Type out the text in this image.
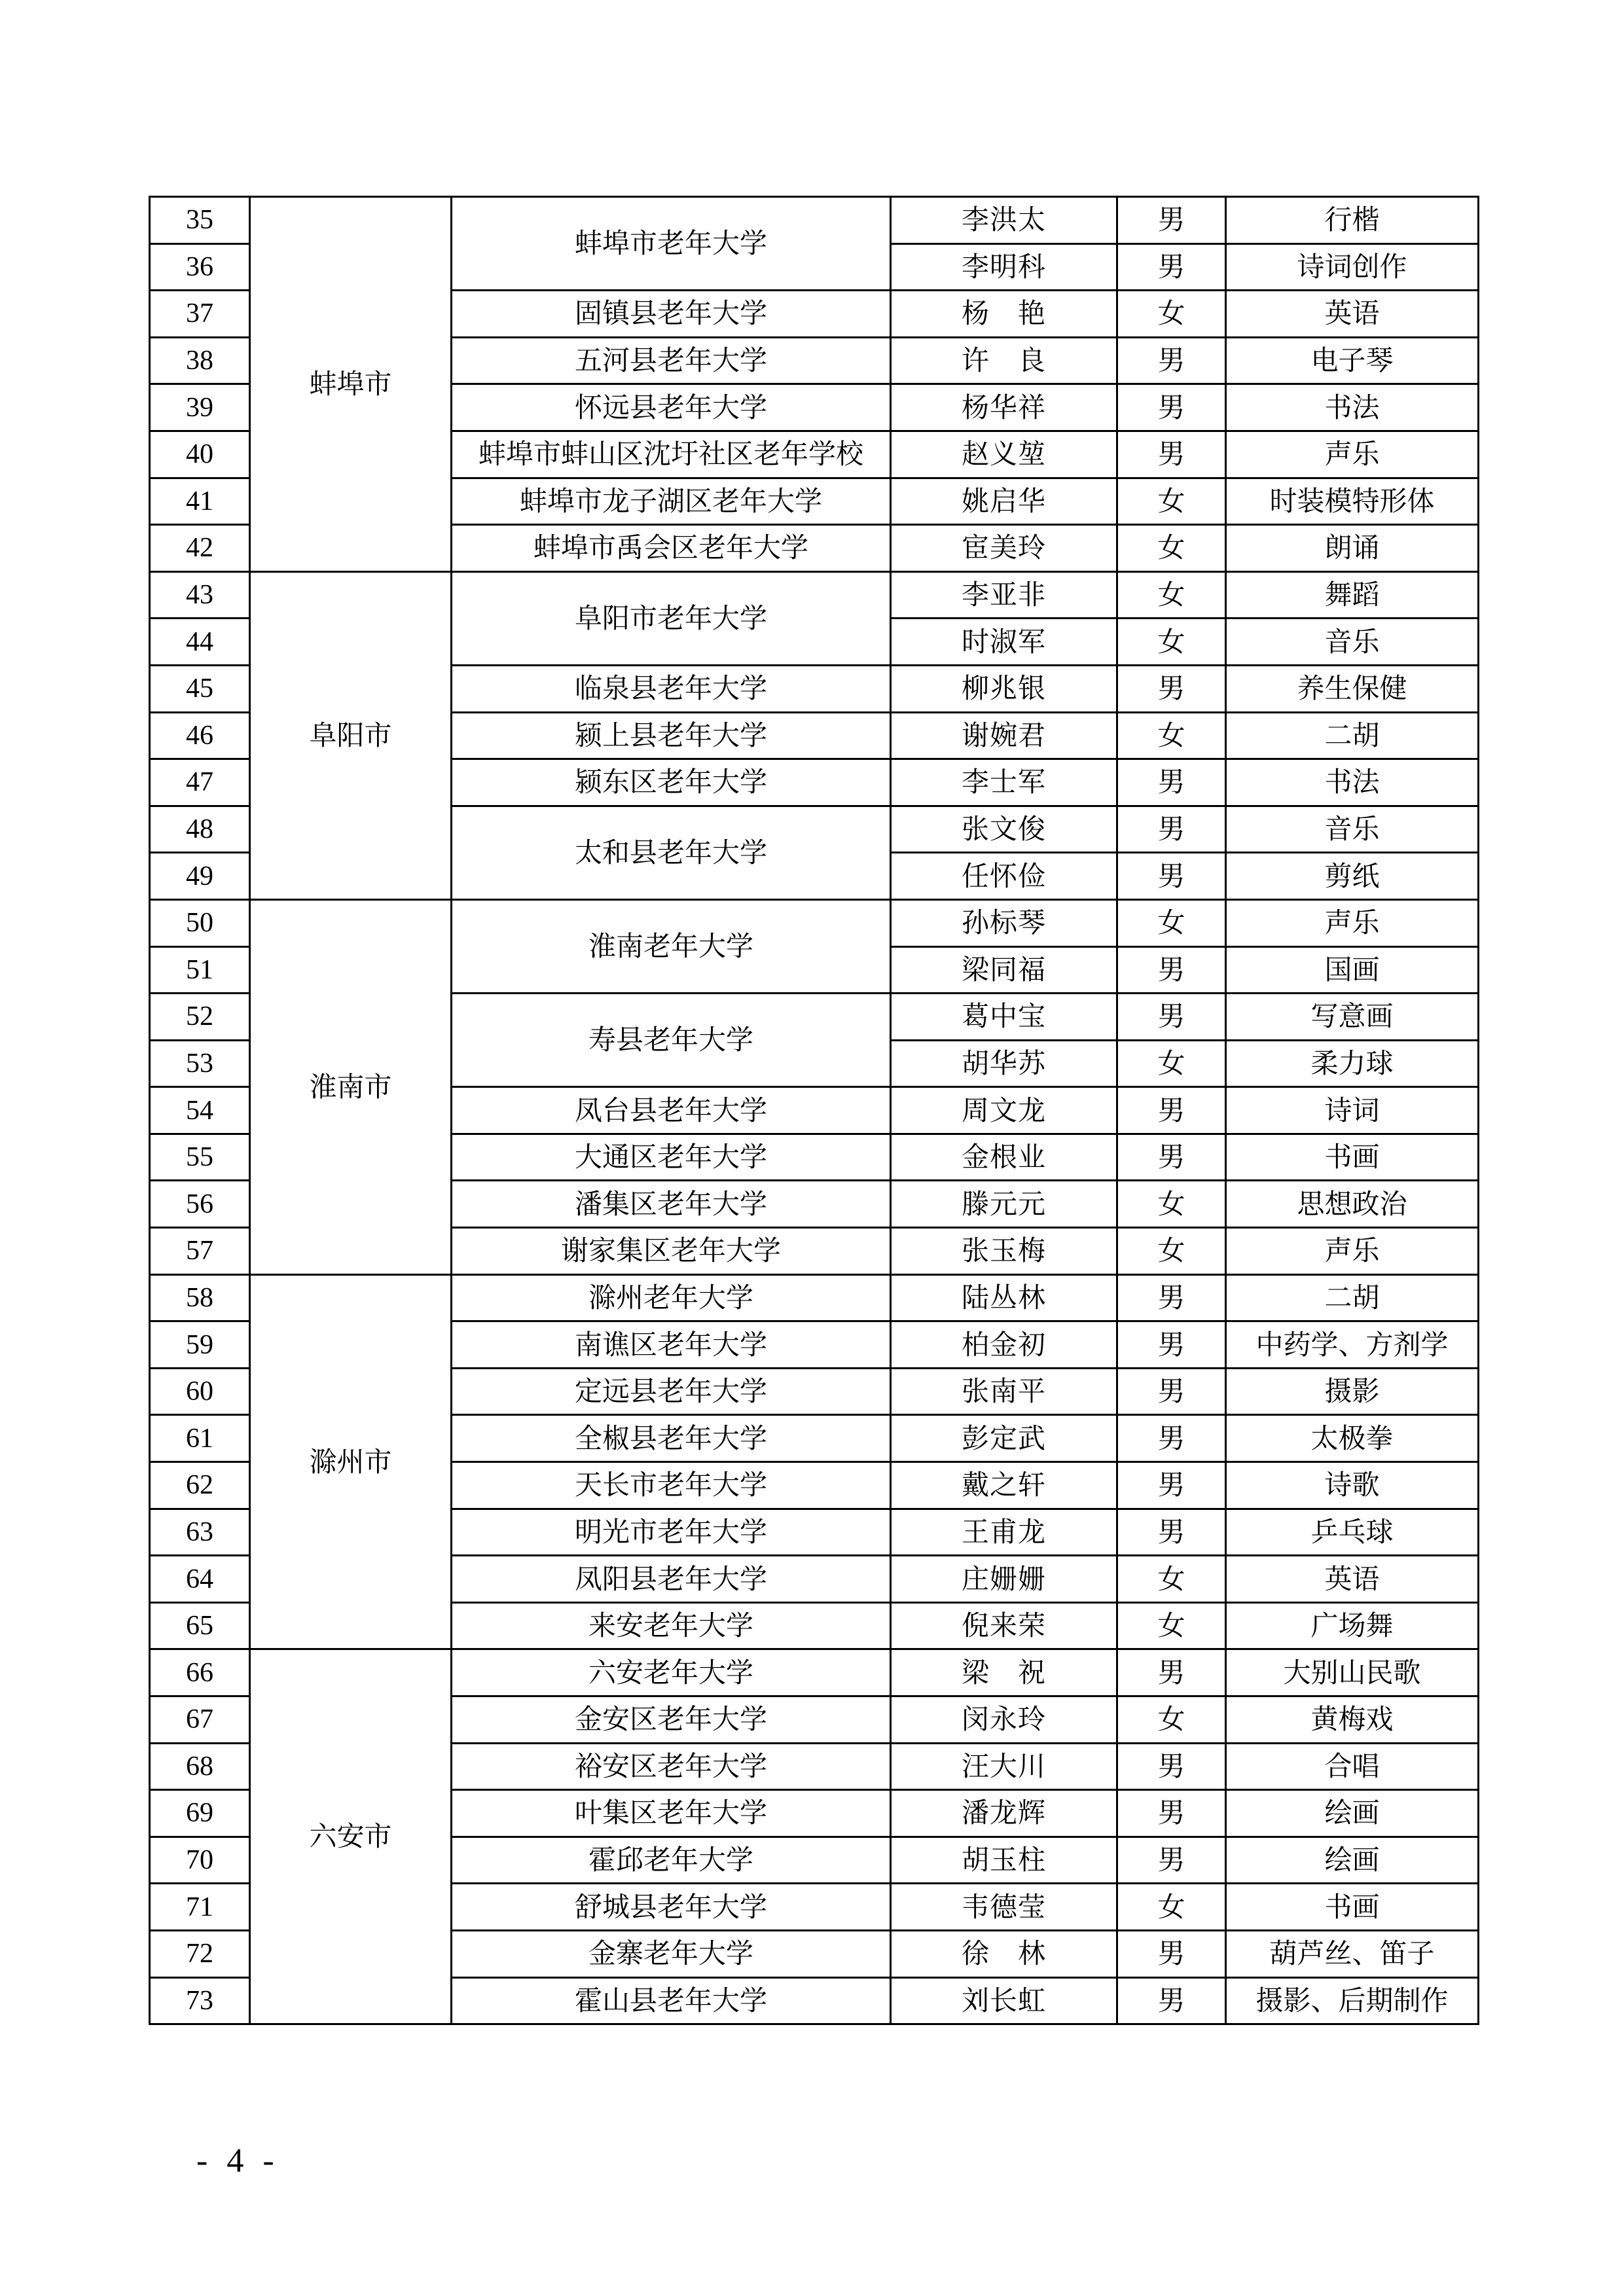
35	蚌埠市	蚌埠市老年大学	李洪太	男	行楷
36			李明科	男	诗词创作
37		固镇县老年大学	杨　艳	女	英语
38		五河县老年大学	许　良	男	电子琴
39		怀远县老年大学	杨华祥	男	书法
40		蚌埠市蚌山区沈圩社区老年学校	赵义堃	男	声乐
41		蚌埠市龙子湖区老年大学	姚启华	女	时装模特形体
42		蚌埠市禹会区老年大学	宦美玲	女	朗诵
43	阜阳市	阜阳市老年大学	李亚非	女	舞蹈
44			时淑军	女	音乐
45		临泉县老年大学	柳兆银	男	养生保健
46		颍上县老年大学	谢婉君	女	二胡
47		颍东区老年大学	李士军	男	书法
48		太和县老年大学	张文俊	男	音乐
49			任怀俭	男	剪纸
50	淮南市	淮南老年大学	孙标琴	女	声乐
51			梁同福	男	国画
52		寿县老年大学	葛中宝	男	写意画
53			胡华苏	女	柔力球
54		凤台县老年大学	周文龙	男	诗词
55		大通区老年大学	金根业	男	书画
56		潘集区老年大学	滕元元	女	思想政治
57		谢家集区老年大学	张玉梅	女	声乐
58	滁州市	滁州老年大学	陆丛林	男	二胡
59		南谯区老年大学	柏金初	男	中药学、方剂学
60		定远县老年大学	张南平	男	摄影
61		全椒县老年大学	彭定武	男	太极拳
62		天长市老年大学	戴之轩	男	诗歌
63		明光市老年大学	王甫龙	男	乒乓球
64		凤阳县老年大学	庄姗姗	女	英语
65		来安老年大学	倪来荣	女	广场舞
66	六安市	六安老年大学	梁　祝	男	大别山民歌
67		金安区老年大学	闵永玲	女	黄梅戏
68		裕安区老年大学	汪大川	男	合唱
69		叶集区老年大学	潘龙辉	男	绘画
70		霍邱老年大学	胡玉柱	男	绘画
71		舒城县老年大学	韦德莹	女	书画
72		金寨老年大学	徐　林	男	葫芦丝、笛子
73		霍山县老年大学	刘长虹	男	摄影、后期制作
- 4 -
